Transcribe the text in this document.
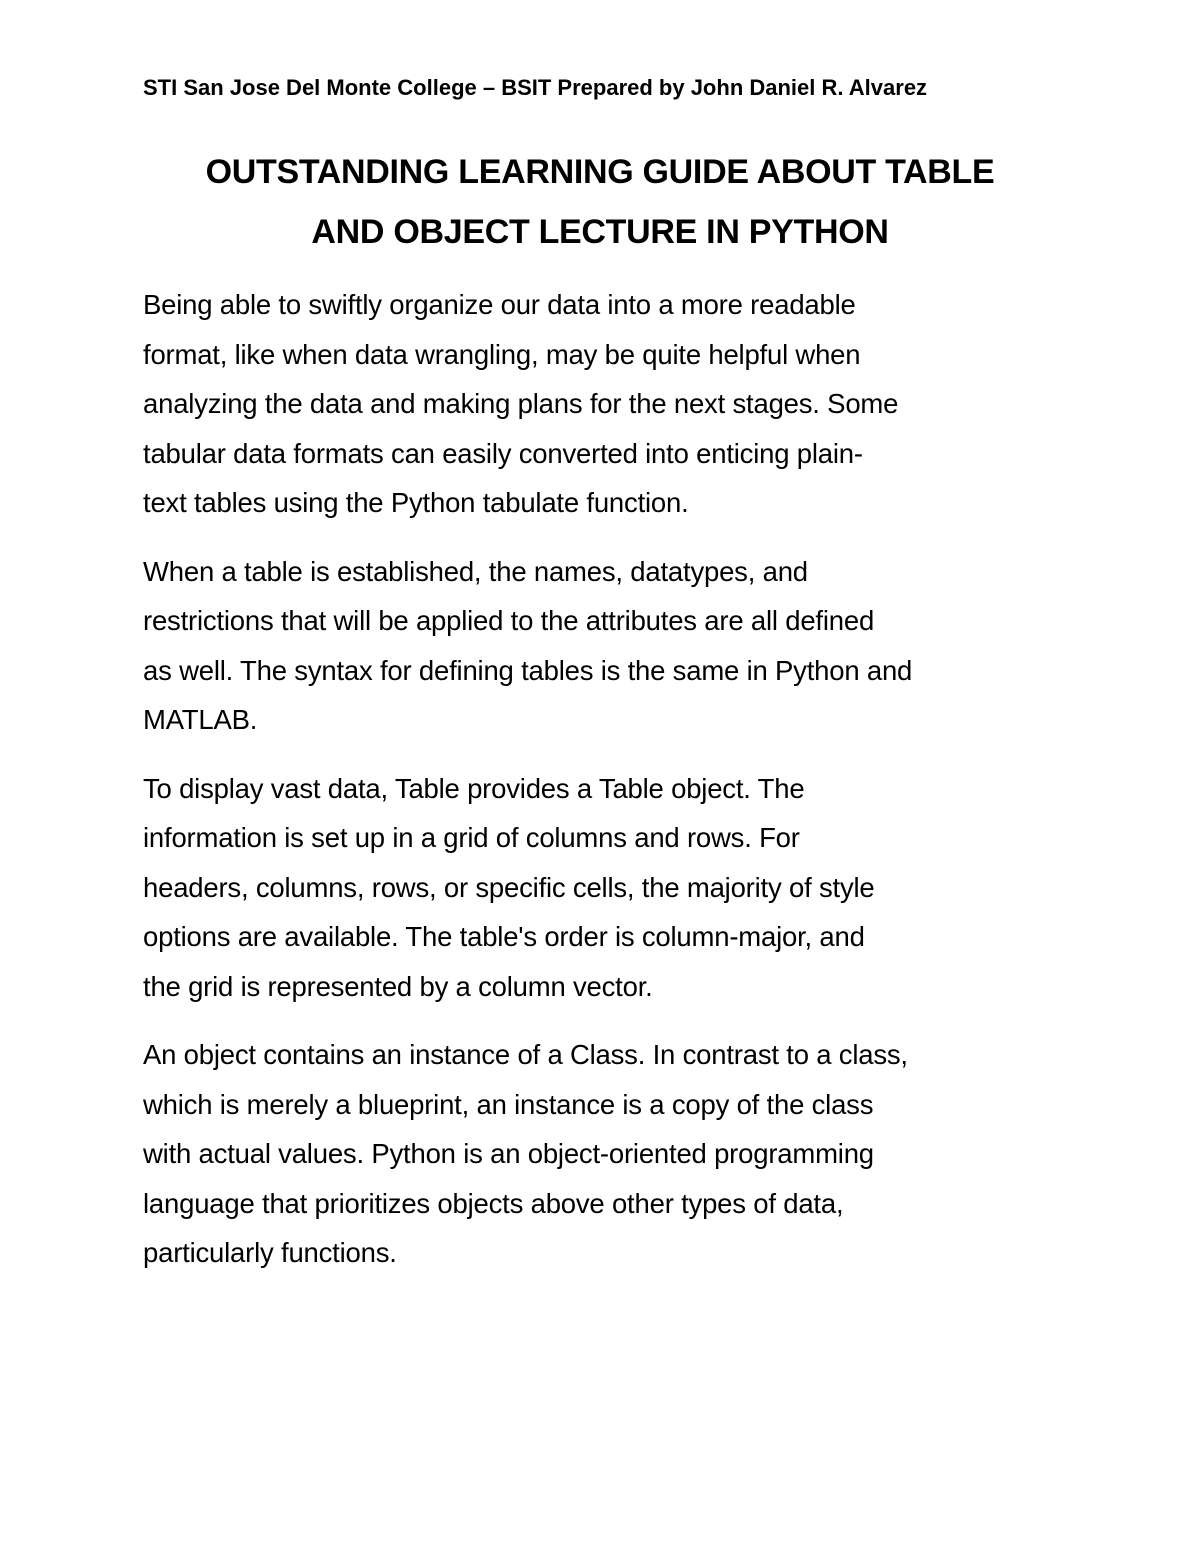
STI San Jose Del Monte College – BSIT Prepared by John Daniel R. Alvarez
OUTSTANDING LEARNING GUIDE ABOUT TABLE
AND OBJECT LECTURE IN PYTHON
Being able to swiftly organize our data into a more readable
format, like when data wrangling, may be quite helpful when
analyzing the data and making plans for the next stages. Some
tabular data formats can easily converted into enticing plain-
text tables using the Python tabulate function.
When a table is established, the names, datatypes, and
restrictions that will be applied to the attributes are all defined
as well. The syntax for defining tables is the same in Python and
MATLAB.
To display vast data, Table provides a Table object. The
information is set up in a grid of columns and rows. For
headers, columns, rows, or specific cells, the majority of style
options are available. The table's order is column-major, and
the grid is represented by a column vector.
An object contains an instance of a Class. In contrast to a class,
which is merely a blueprint, an instance is a copy of the class
with actual values. Python is an object-oriented programming
language that prioritizes objects above other types of data,
particularly functions.
